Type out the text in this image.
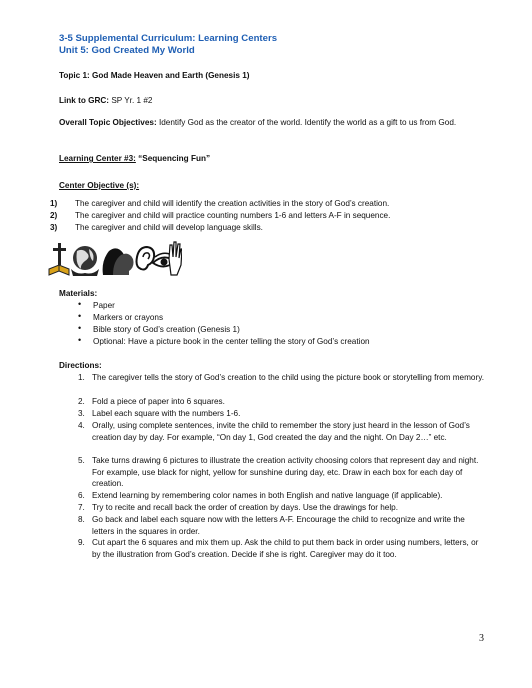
3-5 Supplemental Curriculum: Learning Centers
Unit 5: God Created My World
Topic 1: God Made Heaven and Earth (Genesis 1)
Link to GRC: SP Yr. 1 #2
Overall Topic Objectives: Identify God as the creator of the world. Identify the world as a gift to us from God.
Learning Center #3: “Sequencing Fun”
Center Objective (s):
1) The caregiver and child will identify the creation activities in the story of God’s creation.
2) The caregiver and child will practice counting numbers 1-6 and letters A-F in sequence.
3) The caregiver and child will develop language skills.
Materials:
• Paper
• Markers or crayons
• Bible story of God’s creation (Genesis 1)
• Optional: Have a picture book in the center telling the story of God’s creation
Directions:
1. The caregiver tells the story of God’s creation to the child using the picture book or storytelling from memory.
2. Fold a piece of paper into 6 squares.
3. Label each square with the numbers 1-6.
4. Orally, using complete sentences, invite the child to remember the story just heard in the lesson of God’s creation day by day. For example, “On day 1, God created the day and the night. On Day 2…” etc.
5. Take turns drawing 6 pictures to illustrate the creation activity choosing colors that represent day and night. For example, use black for night, yellow for sunshine during day, etc. Draw in each box for each day of creation.
6. Extend learning by remembering color names in both English and native language (if applicable).
7. Try to recite and recall back the order of creation by days. Use the drawings for help.
8. Go back and label each square now with the letters A-F. Encourage the child to recognize and write the letters in the squares in order.
9. Cut apart the 6 squares and mix them up. Ask the child to put them back in order using numbers, letters, or by the illustration from God’s creation. Decide if she is right. Caregiver may do it too.
3
